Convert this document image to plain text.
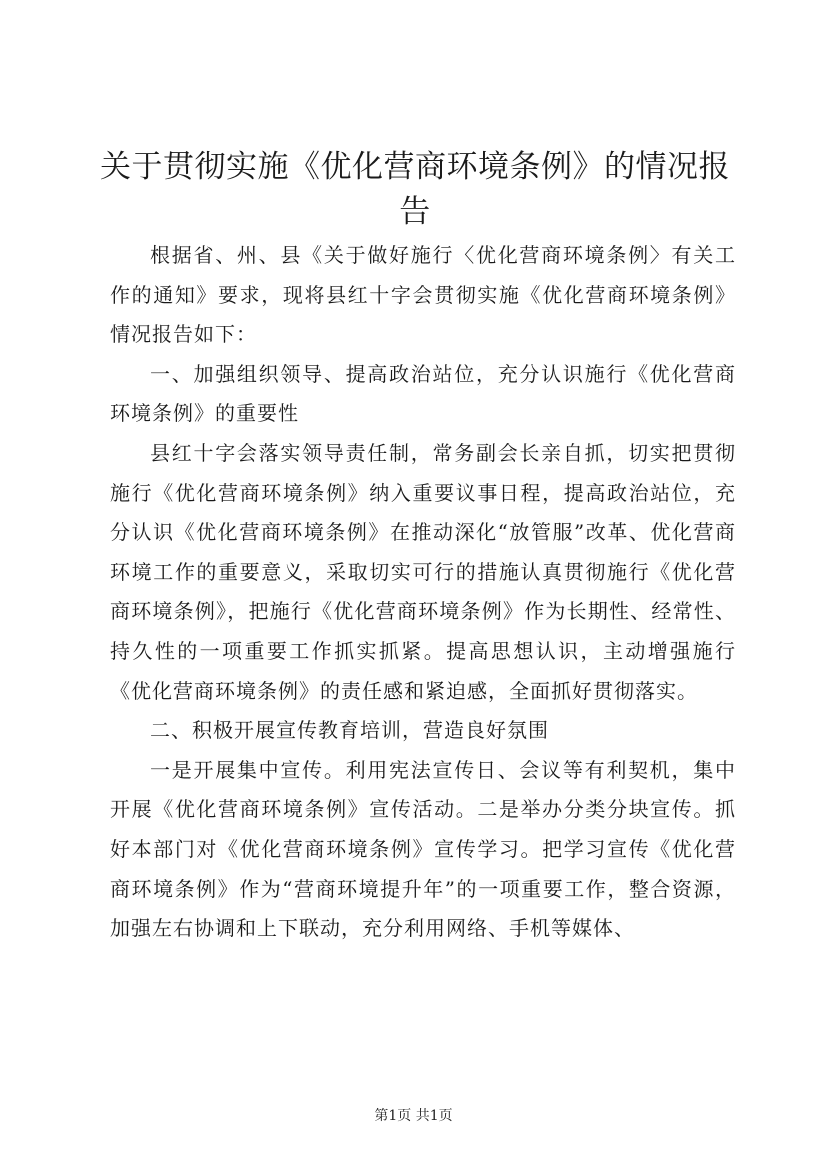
关于贯彻实施《优化营商环境条例》的情况报告

根据省、州、县《关于做好施行〈优化营商环境条例〉有关工作的通知》要求，现将县红十字会贯彻实施《优化营商环境条例》情况报告如下：

一、加强组织领导、提高政治站位，充分认识施行《优化营商环境条例》的重要性

县红十字会落实领导责任制，常务副会长亲自抓，切实把贯彻施行《优化营商环境条例》纳入重要议事日程，提高政治站位，充分认识《优化营商环境条例》在推动深化“放管服”改革、优化营商环境工作的重要意义，采取切实可行的措施认真贯彻施行《优化营商环境条例》，把施行《优化营商环境条例》作为长期性、经常性、持久性的一项重要工作抓实抓紧。提高思想认识，主动增强施行《优化营商环境条例》的责任感和紧迫感，全面抓好贯彻落实。

二、积极开展宣传教育培训，营造良好氛围

一是开展集中宣传。利用宪法宣传日、会议等有利契机，集中开展《优化营商环境条例》宣传活动。二是举办分类分块宣传。抓好本部门对《优化营商环境条例》宣传学习。把学习宣传《优化营商环境条例》作为“营商环境提升年”的一项重要工作，整合资源，加强左右协调和上下联动，充分利用网络、手机等媒体、

第1页 共1页
